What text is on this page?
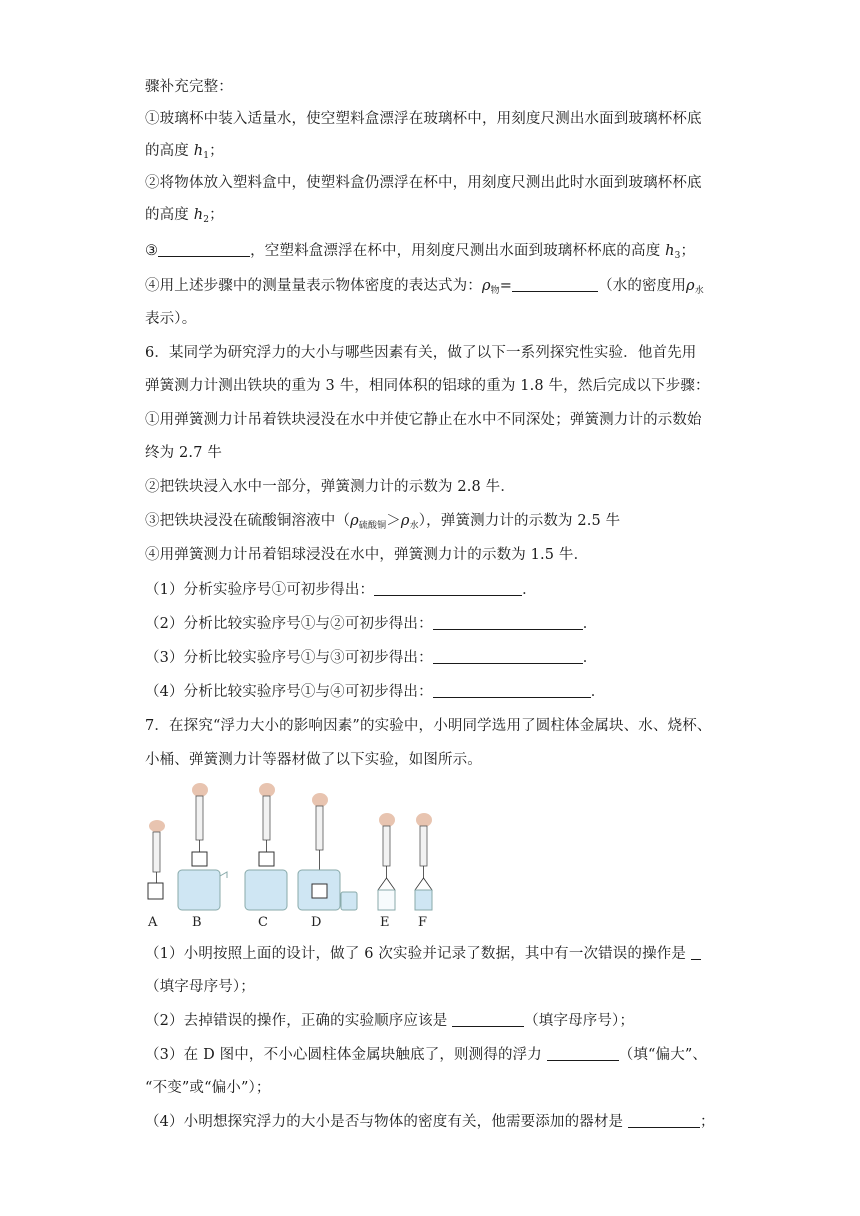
骤补充完整：
①玻璃杯中装入适量水，使空塑料盒漂浮在玻璃杯中，用刻度尺测出水面到玻璃杯杯底
的高度 $h_1$；
②将物体放入塑料盒中，使塑料盒仍漂浮在杯中，用刻度尺测出此时水面到玻璃杯杯底
的高度 $h_2$；
③	，空塑料盒漂浮在杯中，用刻度尺测出水面到玻璃杯杯底的高度 $h_3$；
④用上述步骤中的测量量表示物体密度的表达式为：$\rho_物=$	（水的密度用$\rho_水$
表示）。
6．某同学为研究浮力的大小与哪些因素有关，做了以下一系列探究性实验．他首先用
弹簧测力计测出铁块的重为 3 牛，相同体积的铝球的重为 1.8 牛，然后完成以下步骤：
①用弹簧测力计吊着铁块浸没在水中并使它静止在水中不同深处；弹簧测力计的示数始
终为 2.7 牛
②把铁块浸入水中一部分，弹簧测力计的示数为 2.8 牛．
③把铁块浸没在硫酸铜溶液中$(\rho_{硫酸铜}>\rho_水)$，弹簧测力计的示数为 2.5 牛
④用弹簧测力计吊着铝球浸没在水中，弹簧测力计的示数为 1.5 牛．
（1）分析实验序号①可初步得出：	．
（2）分析比较实验序号①与②可初步得出：	．
（3）分析比较实验序号①与③可初步得出：	．
（4）分析比较实验序号①与④可初步得出：	．
7．在探究“浮力大小的影响因素”的实验中，小明同学选用了圆柱体金属块、水、烧杯、
小桶、弹簧测力计等器材做了以下实验，如图所示。
A	B	C	D	E F
（1）小明按照上面的设计，做了 6 次实验并记录了数据，其中有一次错误的操作是
（填字母序号）；
（2）去掉错误的操作，正确的实验顺序应该是	（填字母序号）；
（3）在 D 图中，不小心圆柱体金属块触底了，则测得的浮力	（填“偏大”、
“不变”或“偏小”）；
（4）小明想探究浮力的大小是否与物体的密度有关，他需要添加的器材是	；
